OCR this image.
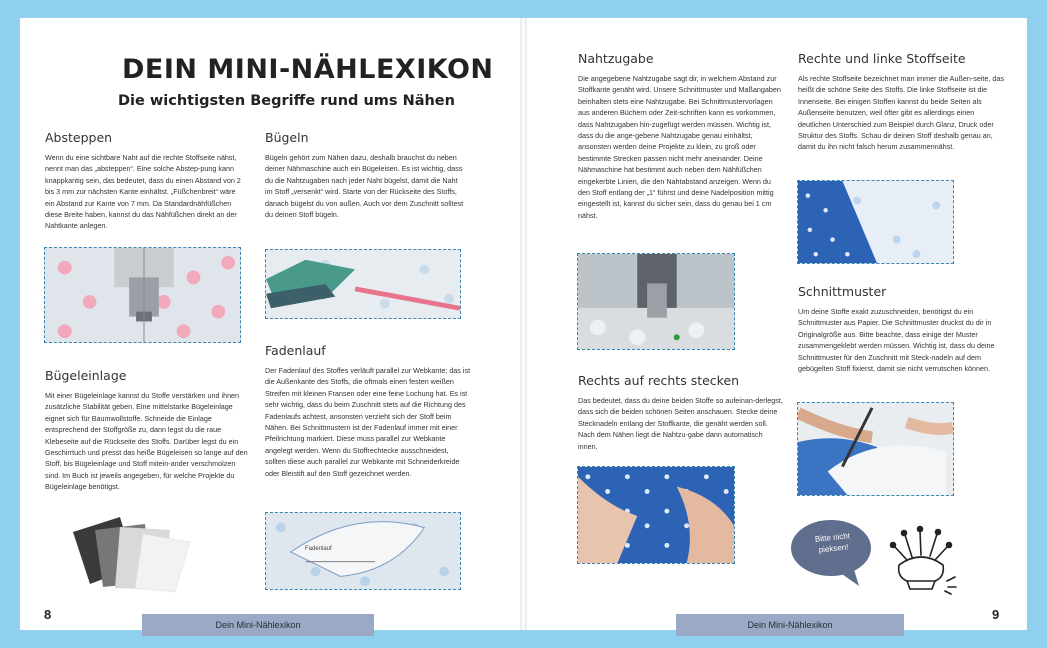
DEIN MINI-NÄHLEXIKON
Die wichtigsten Begriffe rund ums Nähen
Absteppen
Wenn du eine sichtbare Naht auf die rechte Stoffseite nähst, nennt man das „absteppen“. Eine solche Abstep-pung kann knappkantig sein, das bedeutet, dass du einen Abstand von 2 bis 3 mm zur nächsten Kante einhältst. „Füßchenbreit“ wäre ein Abstand zur Kante von 7 mm. Da Standardnähfüßchen diese Breite haben, kannst du das Nähfüßchen direkt an der Nahtkante anlegen.
Bügeln
Bügeln gehört zum Nähen dazu, deshalb brauchst du neben deiner Nähmaschine auch ein Bügeleisen. Es ist wichtig, dass du die Nahtzugaben nach jeder Naht bügelst, damit die Naht im Stoff „versenkt“ wird. Starte von der Rückseite des Stoffs, danach bügelst du von außen. Auch vor dem Zuschnitt solltest du deinen Stoff bügeln.
Fadenlauf
Der Fadenlauf des Stoffes verläuft parallel zur Webkante; das ist die Außenkante des Stoffs, die oftmals einen festen weißen Streifen mit kleinen Fransen oder eine feine Lochung hat. Es ist sehr wichtig, dass du beim Zuschnitt stets auf die Richtung des Fadenlaufs achtest, ansonsten verzieht sich der Stoff beim Nähen. Bei Schnittmustern ist der Fadenlauf immer mit einer Pfeilrichtung markiert. Diese muss parallel zur Webkante angelegt werden. Wenn du Stoffrechtecke ausschneidest, sollten diese auch parallel zur Webkante mit Schneiderkreide oder Bleistift auf den Stoff gezeichnet werden.
Fadenlauf
Bügeleinlage
Mit einer Bügeleinlage kannst du Stoffe verstärken und ihnen zusätzliche Stabilität geben. Eine mittelstarke Bügeleinlage eignet sich für Baumwollstoffe. Schneide die Einlage entsprechend der Stoffgröße zu, dann legst du die raue Klebeseite auf die Rückseite des Stoffs. Darüber legst du ein Geschirrtuch und presst das heiße Bügeleisen so lange auf den Stoff, bis Bügeleinlage und Stoff mitein-ander verschmolzen sind. Im Buch ist jeweils angegeben, für welche Projekte du Bügeleinlage benötigst.
8
Dein Mini-Nählexikon
Nahtzugabe
Die angegebene Nahtzugabe sagt dir, in welchem Abstand zur Stoffkante genäht wird. Unsere Schnittmuster und Maßangaben beinhalten stets eine Nahtzugabe. Bei Schnittmustervorlagen aus anderen Büchern oder Zeit-schriften kann es vorkommen, dass Nahtzugaben hin-zugefügt werden müssen. Wichtig ist, dass du die ange-gebene Nahtzugabe genau einhältst, ansonsten werden deine Projekte zu klein, zu groß oder bestimmte Strecken passen nicht mehr aneinander. Deine Nähmaschine hat bestimmt auch neben dem Nähfüßchen eingekerbte Linien, die den Nahtabstand anzeigen. Wenn du den Stoff entlang der „1“ führst und deine Nadelposition mittig eingestellt ist, kannst du sicher sein, dass du genau bei 1 cm nähst.
Rechts auf rechts stecken
Das bedeutet, dass du deine beiden Stoffe so aufeinan-derlegst, dass sich die beiden schönen Seiten anschauen. Stecke deine Stecknadeln entlang der Stoffkante, die genäht werden soll. Nach dem Nähen liegt die Nahtzu-gabe dann automatisch innen.
Rechte und linke Stoffseite
Als rechte Stoffseite bezeichnet man immer die Außen-seite, das heißt die schöne Seite des Stoffs. Die linke Stoffseite ist die Innenseite. Bei einigen Stoffen kannst du beide Seiten als Außenseite benutzen, weil öfter gibt es allerdings einen deutlichen Unterschied zum Beispiel durch Glanz, Druck oder Struktur des Stoffs. Schau dir deinen Stoff deshalb genau an, damit du ihn nicht falsch herum zusammennähst.
Schnittmuster
Um deine Stoffe exakt zuzuschneiden, benötigst du ein Schnittmuster aus Papier. Die Schnittmuster druckst du dir in Originalgröße aus. Bitte beachte, dass einige der Muster zusammengeklebt werden müssen. Wichtig ist, dass du deine Schnittmuster für den Zuschnitt mit Steck-nadeln auf dem gebügelten Stoff fixierst, damit sie nicht verrutschen können.
Bitte nicht
pieksen!
9
Dein Mini-Nählexikon
